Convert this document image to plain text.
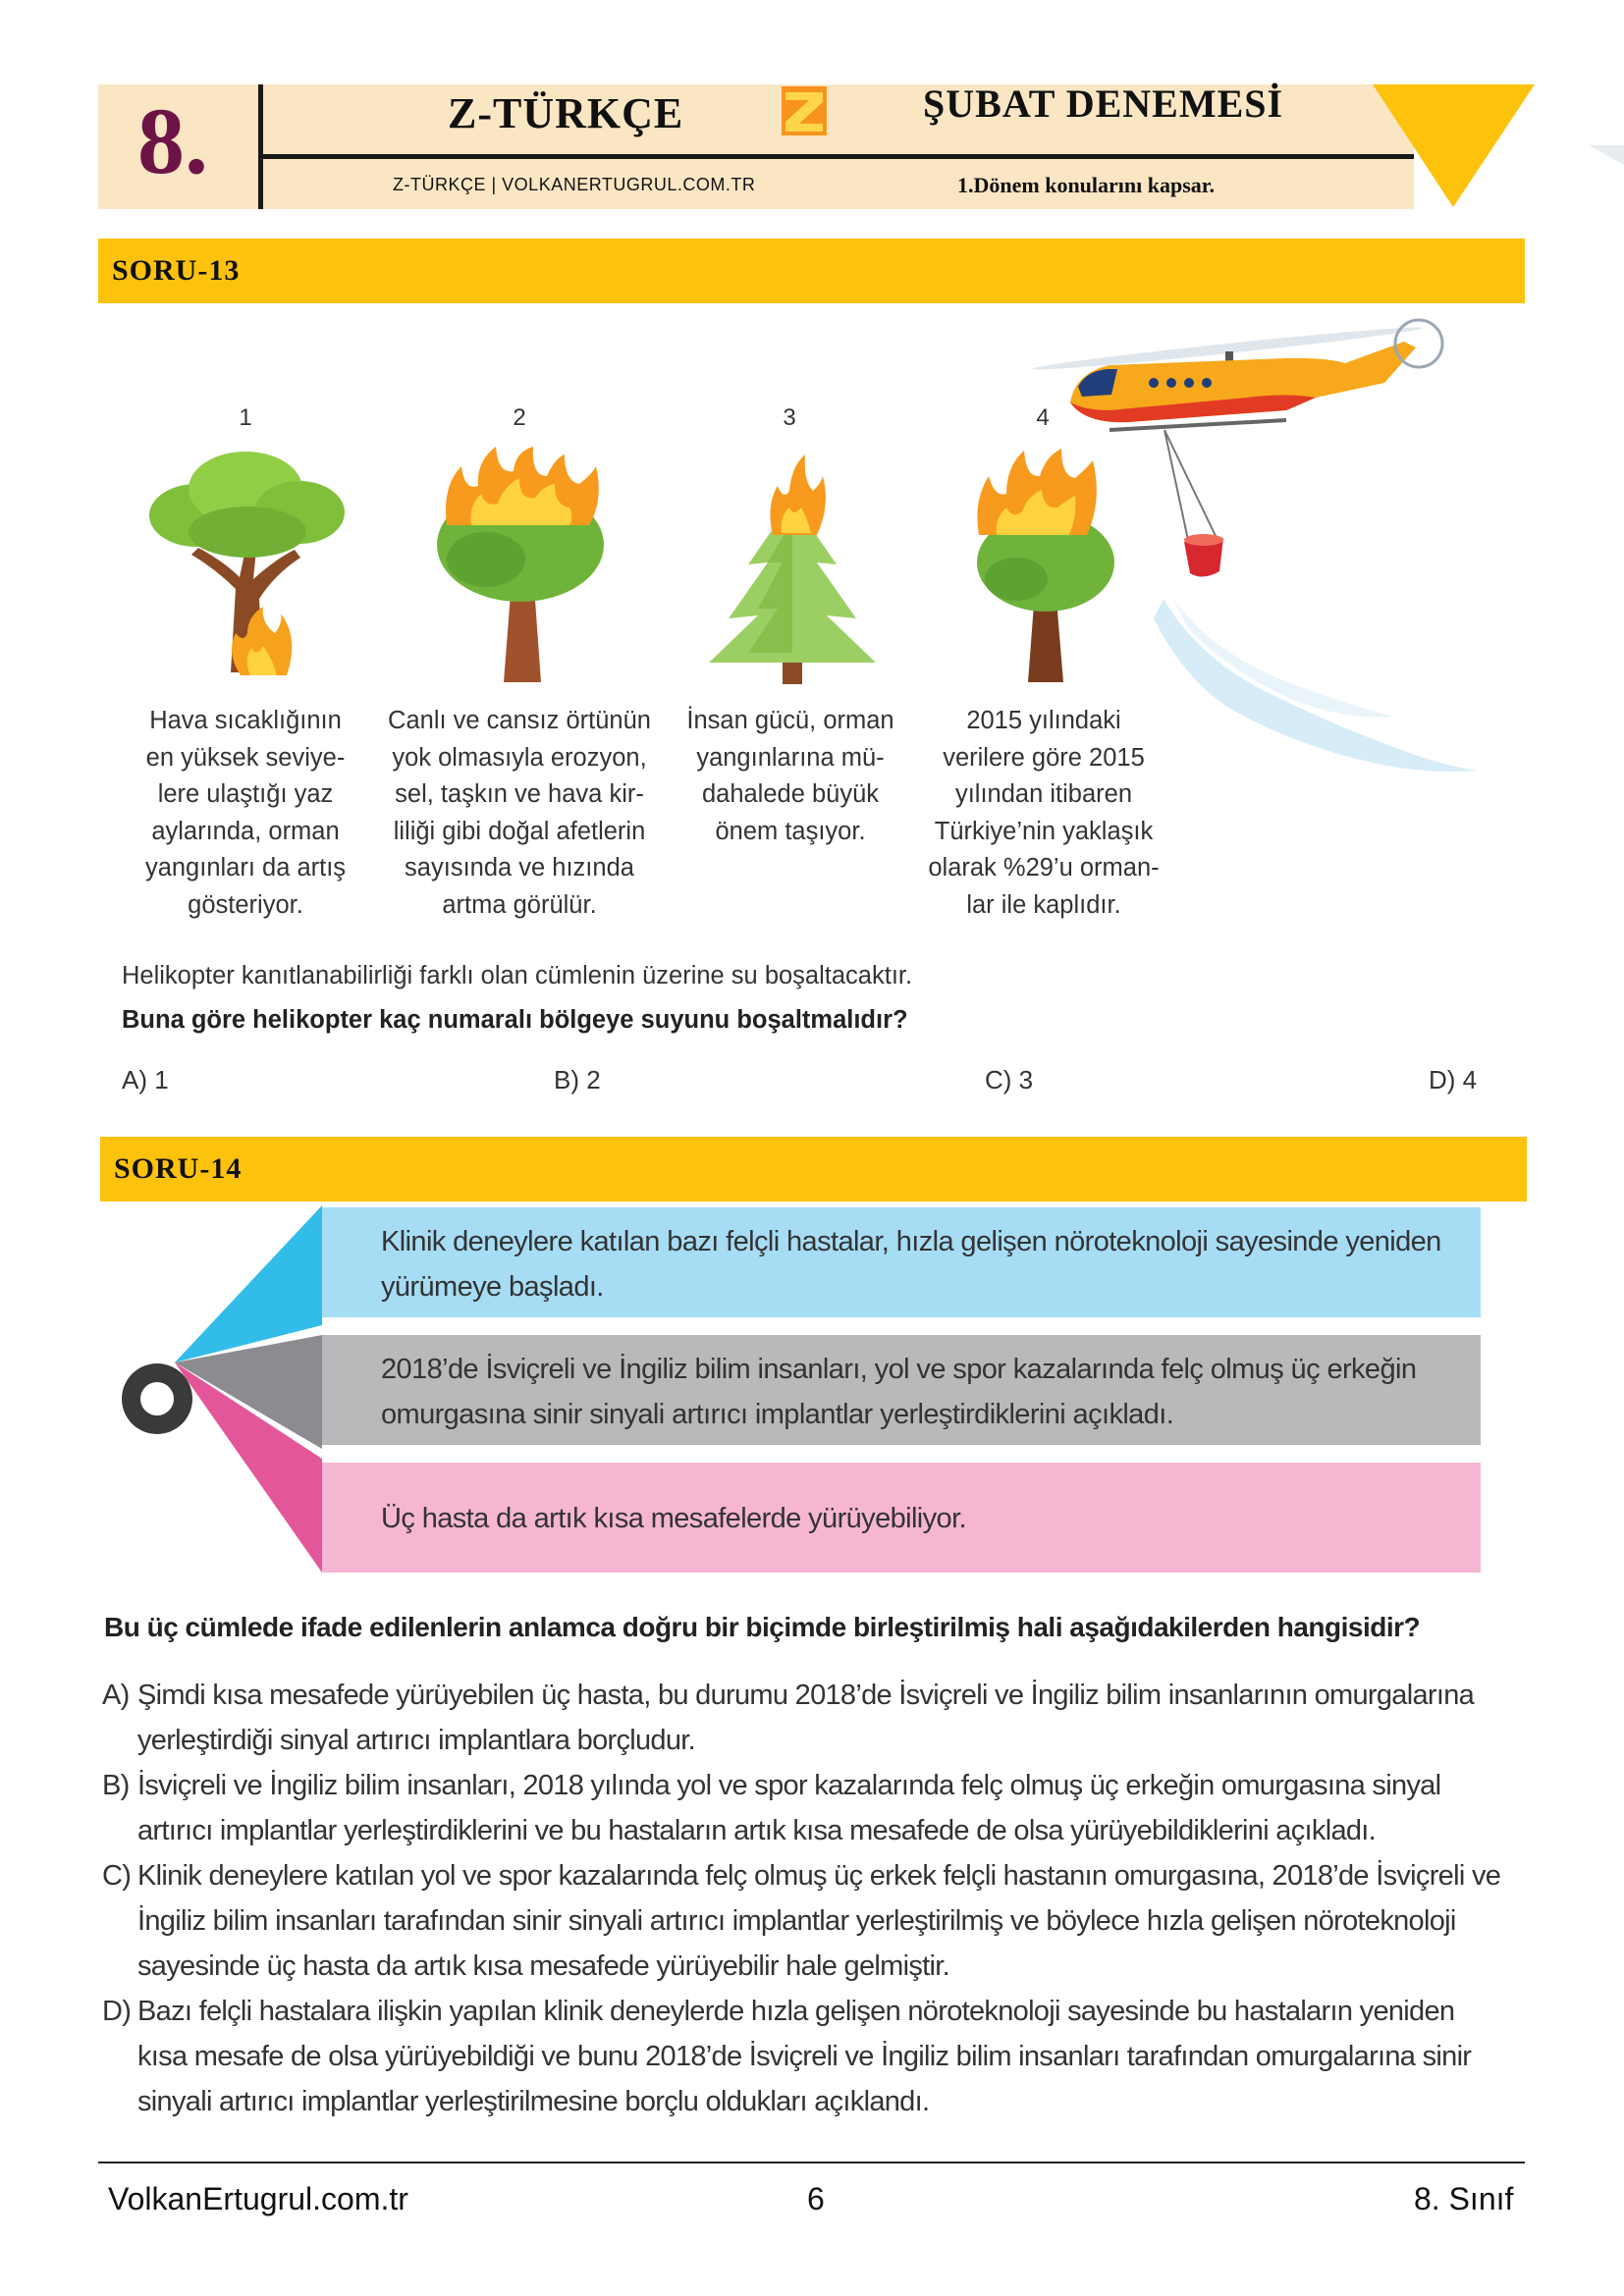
8.	Z-TÜRKÇE	ŞUBAT DENEMESİ
Z-TÜRKÇE | VOLKANERTUGRUL.COM.TR	1.Dönem konularını kapsar.
SORU-13
1	2	3	4
Hava sıcaklığının
en yüksek seviye-
lere ulaştığı yaz
aylarında, orman
yangınları da artış
gösteriyor.
Canlı ve cansız örtünün
yok olmasıyla erozyon,
sel, taşkın ve hava kir-
liliği gibi doğal afetlerin
sayısında ve hızında
artma görülür.
İnsan gücü, orman
yangınlarına mü-
dahalede büyük
önem taşıyor.
2015 yılındaki
verilere göre 2015
yılından itibaren
Türkiye’nin yaklaşık
olarak %29’u orman-
lar ile kaplıdır.
Helikopter kanıtlanabilirliği farklı olan cümlenin üzerine su boşaltacaktır.
Buna göre helikopter kaç numaralı bölgeye suyunu boşaltmalıdır?
A) 1	B) 2	C) 3	D) 4
SORU-14
Klinik deneylere katılan bazı felçli hastalar, hızla gelişen nöroteknoloji sayesinde yeniden yürümeye başladı.
2018’de İsviçreli ve İngiliz bilim insanları, yol ve spor kazalarında felç olmuş üç erkeğin omurgasına sinir sinyali artırıcı implantlar yerleştirdiklerini açıkladı.
Üç hasta da artık kısa mesafelerde yürüyebiliyor.
Bu üç cümlede ifade edilenlerin anlamca doğru bir biçimde birleştirilmiş hali aşağıdakilerden hangisidir?
A) Şimdi kısa mesafede yürüyebilen üç hasta, bu durumu 2018’de İsviçreli ve İngiliz bilim insanlarının omurgalarına
yerleştirdiği sinyal artırıcı implantlara borçludur.
B) İsviçreli ve İngiliz bilim insanları, 2018 yılında yol ve spor kazalarında felç olmuş üç erkeğin omurgasına sinyal
artırıcı implantlar yerleştirdiklerini ve bu hastaların artık kısa mesafede de olsa yürüyebildiklerini açıkladı.
C) Klinik deneylere katılan yol ve spor kazalarında felç olmuş üç erkek felçli hastanın omurgasına, 2018’de İsviçreli ve
İngiliz bilim insanları tarafından sinir sinyali artırıcı implantlar yerleştirilmiş ve böylece hızla gelişen nöroteknoloji
sayesinde üç hasta da artık kısa mesafede yürüyebilir hale gelmiştir.
D) Bazı felçli hastalara ilişkin yapılan klinik deneylerde hızla gelişen nöroteknoloji sayesinde bu hastaların yeniden
kısa mesafe de olsa yürüyebildiği ve bunu 2018’de İsviçreli ve İngiliz bilim insanları tarafından omurgalarına sinir
sinyali artırıcı implantlar yerleştirilmesine borçlu oldukları açıklandı.
VolkanErtugrul.com.tr	6	8. Sınıf
